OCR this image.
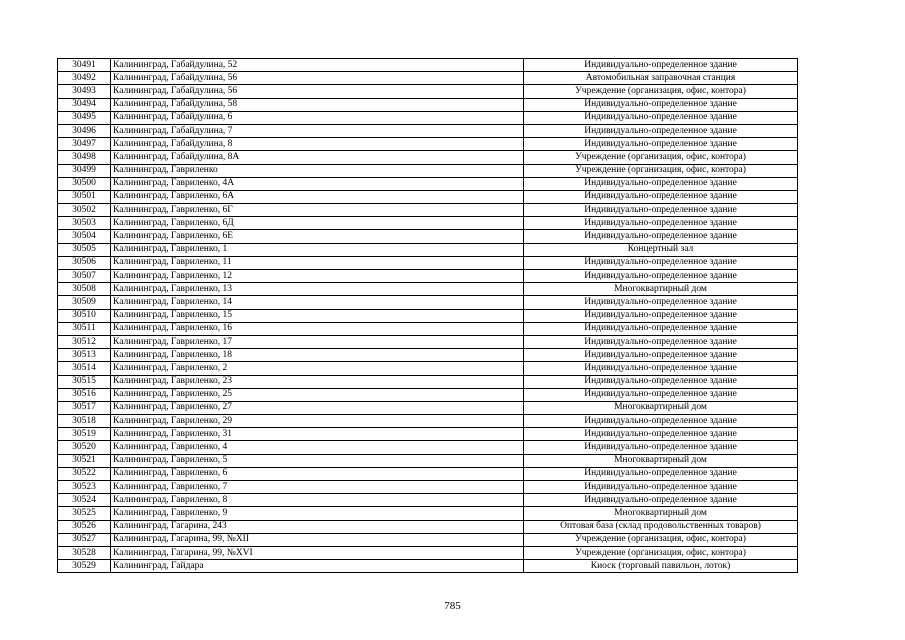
30491	Калининград, Габайдулина, 52	Индивидуально-определенное здание
30492	Калининград, Габайдулина, 56	Автомобильная заправочная станция
30493	Калининград, Габайдулина, 56	Учреждение (организация, офис, контора)
30494	Калининград, Габайдулина, 58	Индивидуально-определенное здание
30495	Калининград, Габайдулина, 6	Индивидуально-определенное здание
30496	Калининград, Габайдулина, 7	Индивидуально-определенное здание
30497	Калининград, Габайдулина, 8	Индивидуально-определенное здание
30498	Калининград, Габайдулина, 8А	Учреждение (организация, офис, контора)
30499	Калининград, Гавриленко	Учреждение (организация, офис, контора)
30500	Калининград, Гавриленко, 4А	Индивидуально-определенное здание
30501	Калининград, Гавриленко, 6А	Индивидуально-определенное здание
30502	Калининград, Гавриленко, 6Г	Индивидуально-определенное здание
30503	Калининград, Гавриленко, 6Д	Индивидуально-определенное здание
30504	Калининград, Гавриленко, 6Е	Индивидуально-определенное здание
30505	Калининград, Гавриленко, 1	Концертный зал
30506	Калининград, Гавриленко, 11	Индивидуально-определенное здание
30507	Калининград, Гавриленко, 12	Индивидуально-определенное здание
30508	Калининград, Гавриленко, 13	Многоквартирный дом
30509	Калининград, Гавриленко, 14	Индивидуально-определенное здание
30510	Калининград, Гавриленко, 15	Индивидуально-определенное здание
30511	Калининград, Гавриленко, 16	Индивидуально-определенное здание
30512	Калининград, Гавриленко, 17	Индивидуально-определенное здание
30513	Калининград, Гавриленко, 18	Индивидуально-определенное здание
30514	Калининград, Гавриленко, 2	Индивидуально-определенное здание
30515	Калининград, Гавриленко, 23	Индивидуально-определенное здание
30516	Калининград, Гавриленко, 25	Индивидуально-определенное здание
30517	Калининград, Гавриленко, 27	Многоквартирный дом
30518	Калининград, Гавриленко, 29	Индивидуально-определенное здание
30519	Калининград, Гавриленко, 31	Индивидуально-определенное здание
30520	Калининград, Гавриленко, 4	Индивидуально-определенное здание
30521	Калининград, Гавриленко, 5	Многоквартирный дом
30522	Калининград, Гавриленко, 6	Индивидуально-определенное здание
30523	Калининград, Гавриленко, 7	Индивидуально-определенное здание
30524	Калининград, Гавриленко, 8	Индивидуально-определенное здание
30525	Калининград, Гавриленко, 9	Многоквартирный дом
30526	Калининград, Гагарина, 243	Оптовая база (склад продовольственных товаров)
30527	Калининград, Гагарина, 99, №XII	Учреждение (организация, офис, контора)
30528	Калининград, Гагарина, 99, №XVI	Учреждение (организация, офис, контора)
30529	Калининград, Гайдара	Киоск (торговый павильон, лоток)
785
